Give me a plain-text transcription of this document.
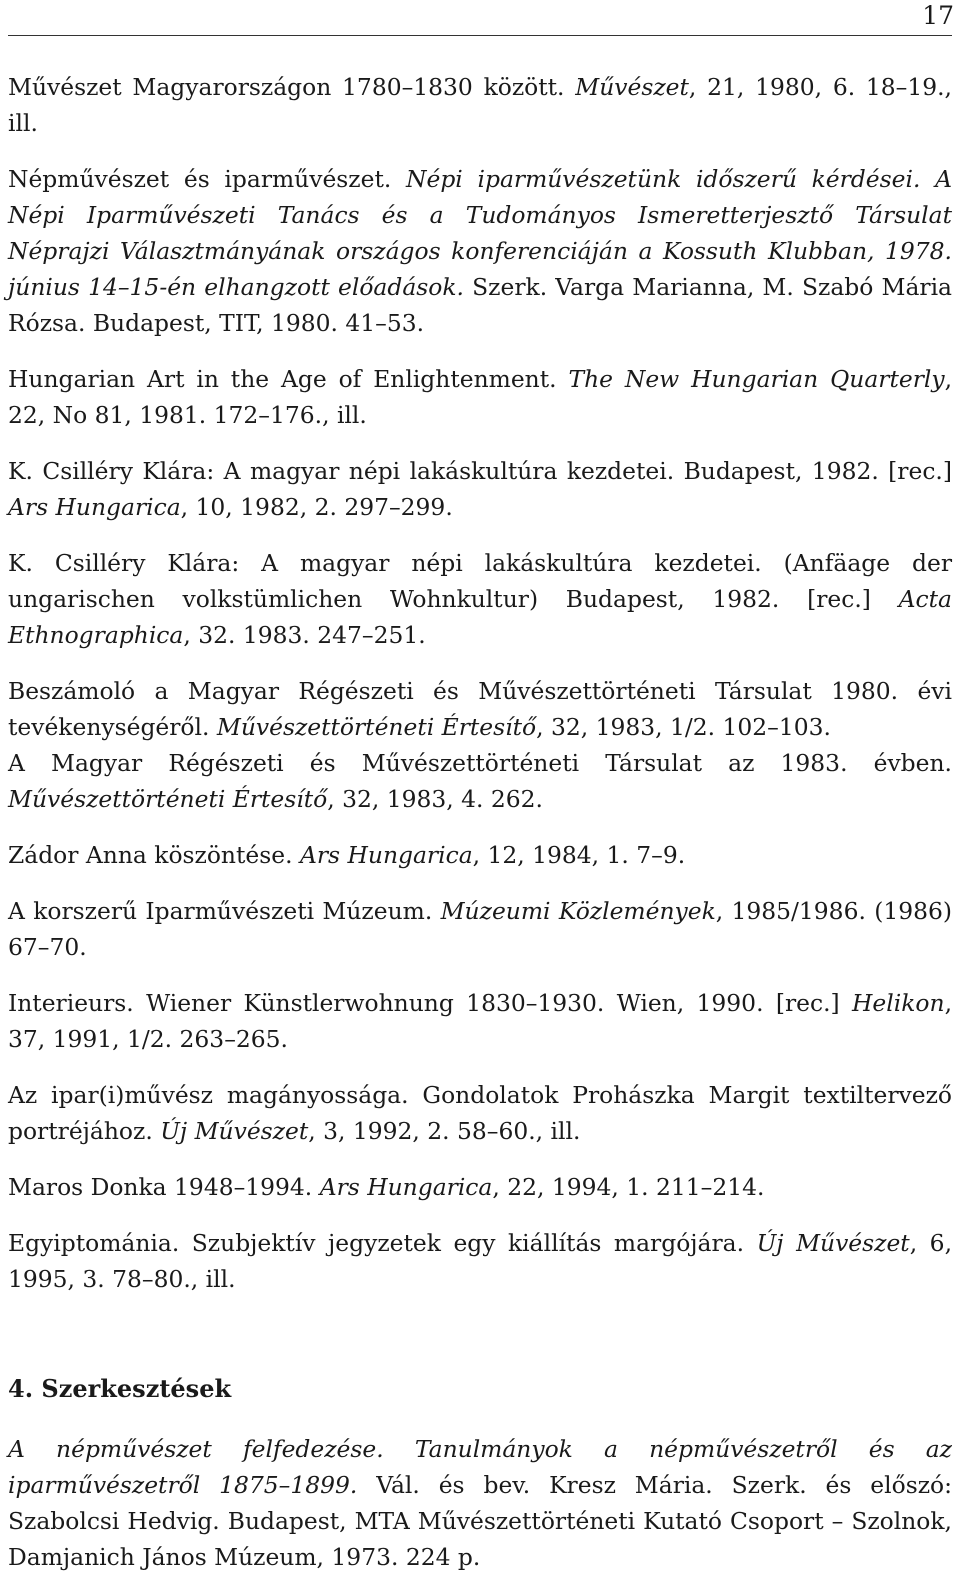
17

Művészet Magyarországon 1780–1830 között. Művészet, 21, 1980, 6. 18–19., ill.

Népművészet és iparművészet. Népi iparművészetünk időszerű kérdései. A Népi Iparművészeti Tanács és a Tudományos Ismeretterjesztő Társulat Néprajzi Választmányának országos konferenciáján a Kossuth Klubban, 1978. június 14–15-én elhangzott előadások. Szerk. Varga Marianna, M. Szabó Mária Rózsa. Budapest, TIT, 1980. 41–53.

Hungarian Art in the Age of Enlightenment. The New Hungarian Quarterly, 22, No 81, 1981. 172–176., ill.

K. Csilléry Klára: A magyar népi lakáskultúra kezdetei. Budapest, 1982. [rec.] Ars Hungarica, 10, 1982, 2. 297–299.

K. Csilléry Klára: A magyar népi lakáskultúra kezdetei. (Anfäage der ungarischen volkstümlichen Wohnkultur) Budapest, 1982. [rec.] Acta Ethnographica, 32. 1983. 247–251.

Beszámoló a Magyar Régészeti és Művészettörténeti Társulat 1980. évi tevékenységéről. Művészettörténeti Értesítő, 32, 1983, 1/2. 102–103.

A Magyar Régészeti és Művészettörténeti Társulat az 1983. évben. Művészettörténeti Értesítő, 32, 1983, 4. 262.

Zádor Anna köszöntése. Ars Hungarica, 12, 1984, 1. 7–9.

A korszerű Iparművészeti Múzeum. Múzeumi Közlemények, 1985/1986. (1986) 67–70.

Interieurs. Wiener Künstlerwohnung 1830–1930. Wien, 1990. [rec.] Helikon, 37, 1991, 1/2. 263–265.

Az ipar(i)művész magányossága. Gondolatok Prohászka Margit textiltervező portréjához. Új Művészet, 3, 1992, 2. 58–60., ill.

Maros Donka 1948–1994. Ars Hungarica, 22, 1994, 1. 211–214.

Egyiptománia. Szubjektív jegyzetek egy kiállítás margójára. Új Művészet, 6, 1995, 3. 78–80., ill.

4. Szerkesztések

A népművészet felfedezése. Tanulmányok a népművészetről és az iparművészetről 1875–1899. Vál. és bev. Kresz Mária. Szerk. és előszó: Szabolcsi Hedvig. Budapest, MTA Művészettörténeti Kutató Csoport – Szolnok, Damjanich János Múzeum, 1973. 224 p.
